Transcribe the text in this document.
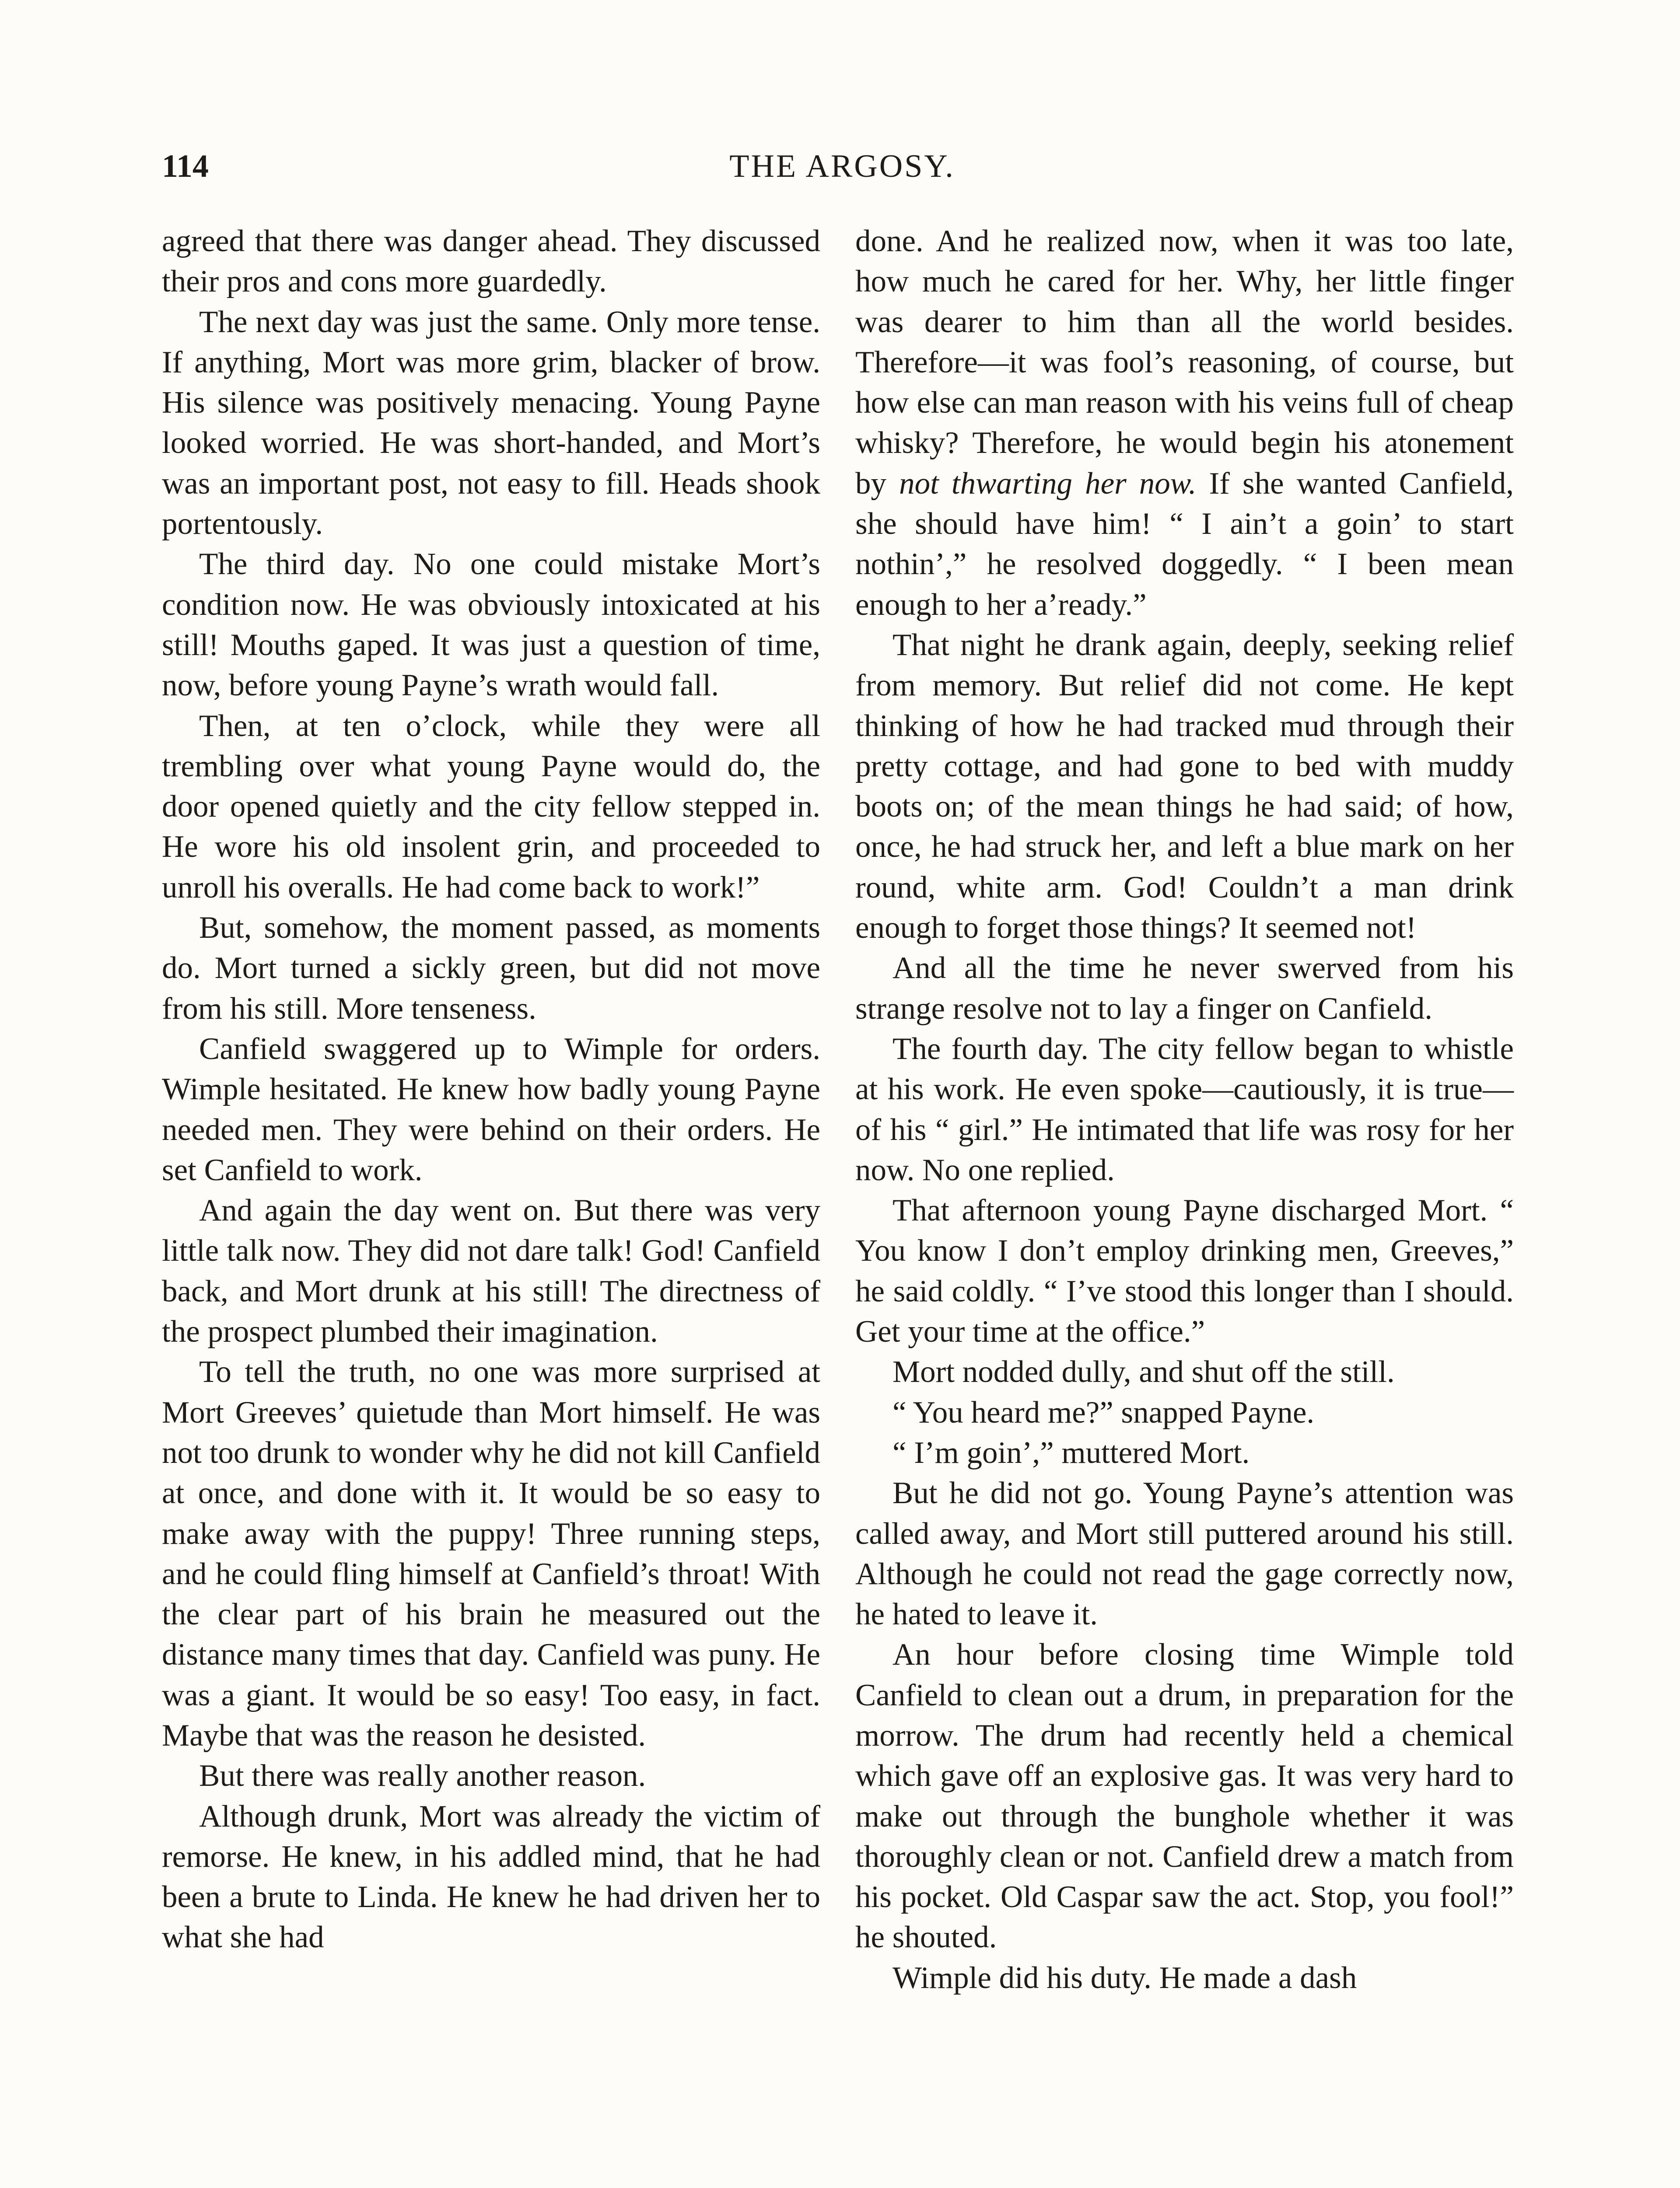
114	THE ARGOSY.

agreed that there was danger ahead. They discussed their pros and cons more guardedly.

The next day was just the same. Only more tense. If anything, Mort was more grim, blacker of brow. His silence was positively menacing. Young Payne looked worried. He was short-handed, and Mort’s was an important post, not easy to fill. Heads shook portentously.

The third day. No one could mistake Mort’s condition now. He was obviously intoxicated at his still! Mouths gaped. It was just a question of time, now, before young Payne’s wrath would fall.

Then, at ten o’clock, while they were all trembling over what young Payne would do, the door opened quietly and the city fellow stepped in. He wore his old insolent grin, and proceeded to unroll his overalls. He had come back to work!”

But, somehow, the moment passed, as moments do. Mort turned a sickly green, but did not move from his still. More tenseness.

Canfield swaggered up to Wimple for orders. Wimple hesitated. He knew how badly young Payne needed men. They were behind on their orders. He set Canfield to work.

And again the day went on. But there was very little talk now. They did not dare talk! God! Canfield back, and Mort drunk at his still! The directness of the prospect plumbed their imagination.

To tell the truth, no one was more surprised at Mort Greeves’ quietude than Mort himself. He was not too drunk to wonder why he did not kill Canfield at once, and done with it. It would be so easy to make away with the puppy! Three running steps, and he could fling himself at Canfield’s throat! With the clear part of his brain he measured out the distance many times that day. Canfield was puny. He was a giant. It would be so easy! Too easy, in fact. Maybe that was the reason he desisted.

But there was really another reason.

Although drunk, Mort was already the victim of remorse. He knew, in his addled mind, that he had been a brute to Linda. He knew he had driven her to what she had

done. And he realized now, when it was too late, how much he cared for her. Why, her little finger was dearer to him than all the world besides. Therefore—it was fool’s reasoning, of course, but how else can man reason with his veins full of cheap whisky? Therefore, he would begin his atonement by not thwarting her now. If she wanted Canfield, she should have him! “ I ain’t a goin’ to start nothin’,” he resolved doggedly. “ I been mean enough to her a’ready.”

That night he drank again, deeply, seeking relief from memory. But relief did not come. He kept thinking of how he had tracked mud through their pretty cottage, and had gone to bed with muddy boots on; of the mean things he had said; of how, once, he had struck her, and left a blue mark on her round, white arm. God! Couldn’t a man drink enough to forget those things? It seemed not!

And all the time he never swerved from his strange resolve not to lay a finger on Canfield.

The fourth day. The city fellow began to whistle at his work. He even spoke—cautiously, it is true—of his “ girl.” He intimated that life was rosy for her now. No one replied.

That afternoon young Payne discharged Mort. “ You know I don’t employ drinking men, Greeves,” he said coldly. “ I’ve stood this longer than I should. Get your time at the office.”

Mort nodded dully, and shut off the still.

“ You heard me?” snapped Payne.

“ I’m goin’,” muttered Mort.

But he did not go. Young Payne’s attention was called away, and Mort still puttered around his still. Although he could not read the gage correctly now, he hated to leave it.

An hour before closing time Wimple told Canfield to clean out a drum, in preparation for the morrow. The drum had recently held a chemical which gave off an explosive gas. It was very hard to make out through the bunghole whether it was thoroughly clean or not. Canfield drew a match from his pocket. Old Caspar saw the act. Stop, you fool!” he shouted.

Wimple did his duty. He made a dash
